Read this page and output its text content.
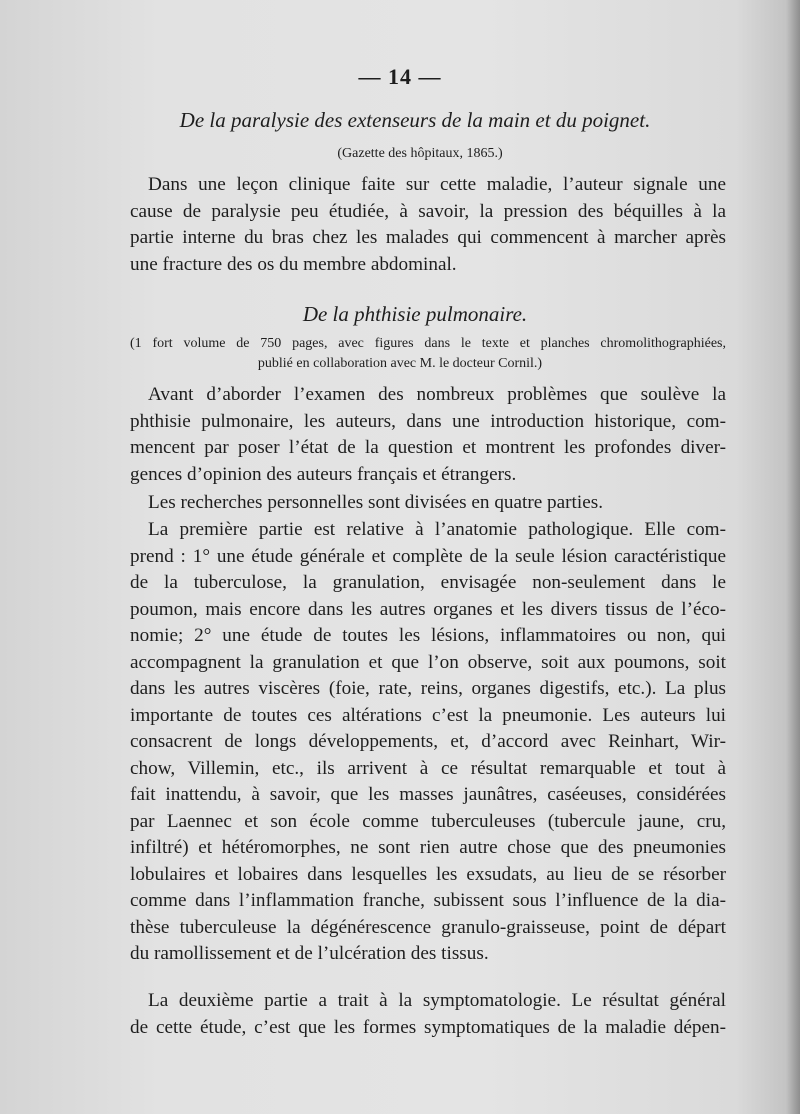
— 14 —
De la paralysie des extenseurs de la main et du poignet.
(Gazette des hôpitaux, 1865.)
Dans une leçon clinique faite sur cette maladie, l’auteur signale une
cause de paralysie peu étudiée, à savoir, la pression des béquilles à la
partie interne du bras chez les malades qui commencent à marcher après
une fracture des os du membre abdominal.
De la phthisie pulmonaire.
(1 fort volume de 750 pages, avec figures dans le texte et planches chromolithographiées,
publié en collaboration avec M. le docteur Cornil.)
Avant d’aborder l’examen des nombreux problèmes que soulève la
phthisie pulmonaire, les auteurs, dans une introduction historique, com-
mencent par poser l’état de la question et montrent les profondes diver-
gences d’opinion des auteurs français et étrangers.
Les recherches personnelles sont divisées en quatre parties.
La première partie est relative à l’anatomie pathologique. Elle com-
prend : 1° une étude générale et complète de la seule lésion caractéristique
de la tuberculose, la granulation, envisagée non-seulement dans le
poumon, mais encore dans les autres organes et les divers tissus de l’éco-
nomie; 2° une étude de toutes les lésions, inflammatoires ou non, qui
accompagnent la granulation et que l’on observe, soit aux poumons, soit
dans les autres viscères (foie, rate, reins, organes digestifs, etc.). La plus
importante de toutes ces altérations c’est la pneumonie. Les auteurs lui
consacrent de longs développements, et, d’accord avec Reinhart, Wir-
chow, Villemin, etc., ils arrivent à ce résultat remarquable et tout à
fait inattendu, à savoir, que les masses jaunâtres, caséeuses, considérées
par Laennec et son école comme tuberculeuses (tubercule jaune, cru,
infiltré) et hétéromorphes, ne sont rien autre chose que des pneumonies
lobulaires et lobaires dans lesquelles les exsudats, au lieu de se résorber
comme dans l’inflammation franche, subissent sous l’influence de la dia-
thèse tuberculeuse la dégénérescence granulo-graisseuse, point de départ
du ramollissement et de l’ulcération des tissus.
La deuxième partie a trait à la symptomatologie. Le résultat général
de cette étude, c’est que les formes symptomatiques de la maladie dépen-
